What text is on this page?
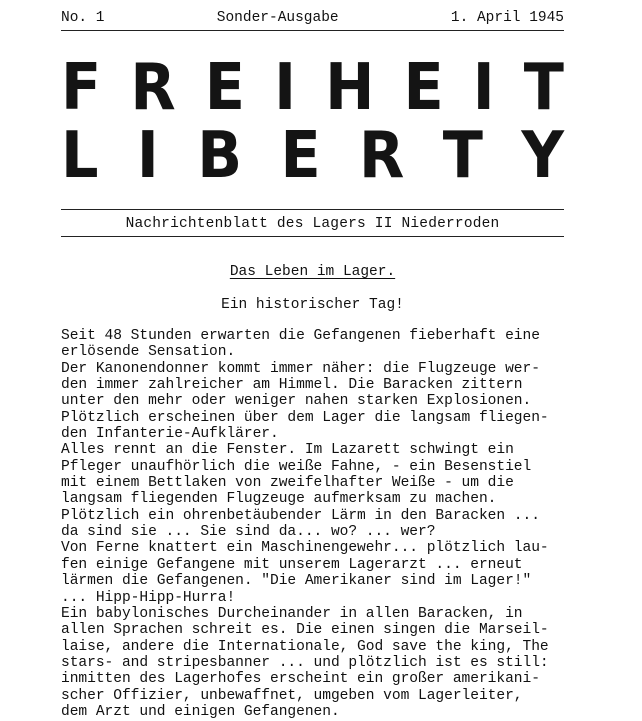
No. 1	Sonder-Ausgabe	1. April 1945
F R E I H E I T
L I B E R T Y
Nachrichtenblatt des Lagers II Niederroden
Das Leben im Lager.
Ein historischer Tag!
Seit 48 Stunden erwarten die Gefangenen fieberhaft eine
erlösende Sensation.
Der Kanonendonner kommt immer näher: die Flugzeuge wer-
den immer zahlreicher am Himmel. Die Baracken zittern
unter den mehr oder weniger nahen starken Explosionen.
Plötzlich erscheinen über dem Lager die langsam fliegen-
den Infanterie-Aufklärer.
Alles rennt an die Fenster. Im Lazarett schwingt ein
Pfleger unaufhörlich die weiße Fahne, - ein Besenstiel
mit einem Bettlaken von zweifelhafter Weiße - um die
langsam fliegenden Flugzeuge aufmerksam zu machen.
Plötzlich ein ohrenbetäubender Lärm in den Baracken ...
da sind sie ... Sie sind da... wo? ... wer?
Von Ferne knattert ein Maschinengewehr... plötzlich lau-
fen einige Gefangene mit unserem Lagerarzt ... erneut
lärmen die Gefangenen. "Die Amerikaner sind im Lager!"
... Hipp-Hipp-Hurra!
Ein babylonisches Durcheinander in allen Baracken, in
allen Sprachen schreit es. Die einen singen die Marseil-
laise, andere die Internationale, God save the king, The
stars- and stripesbanner ... und plötzlich ist es still:
inmitten des Lagerhofes erscheint ein großer amerikani-
scher Offizier, unbewaffnet, umgeben vom Lagerleiter,
dem Arzt und einigen Gefangenen.
